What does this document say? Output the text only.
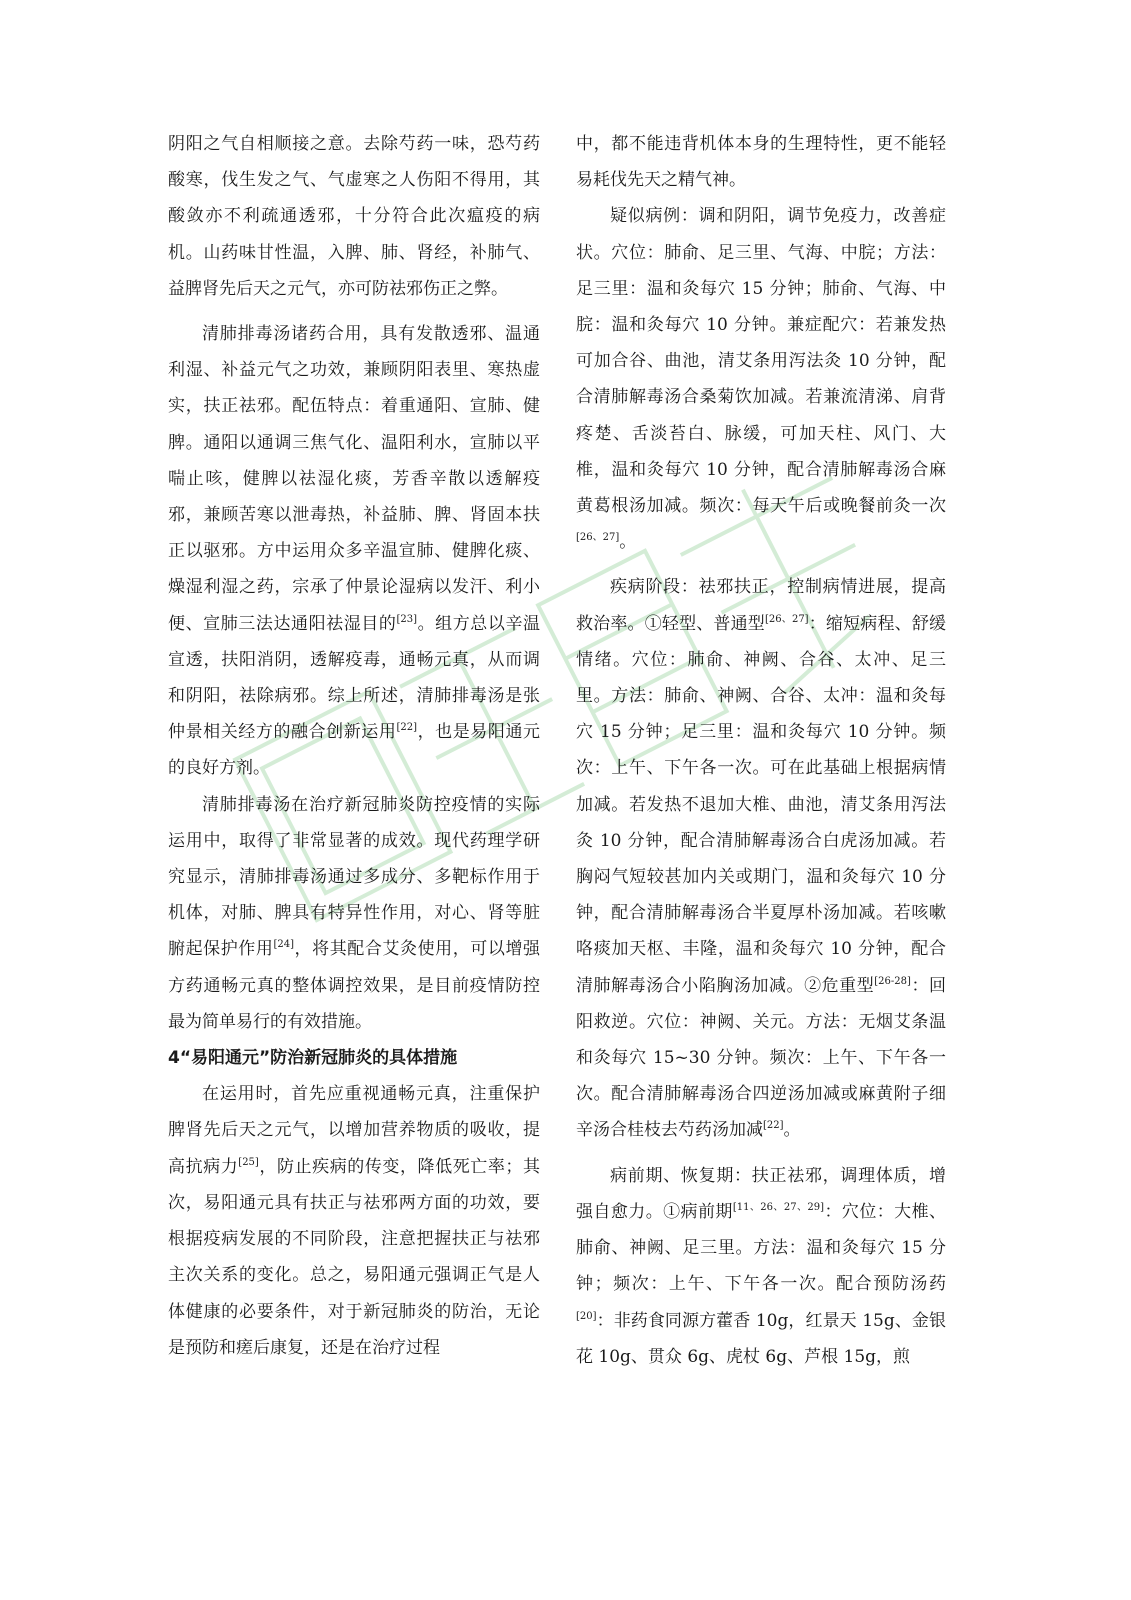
阴阳之气自相顺接之意。去除芍药一味，恐芍药酸寒，伐生发之气、气虚寒之人伤阳不得用，其酸敛亦不利疏通透邪，十分符合此次瘟疫的病机。山药味甘性温，入脾、肺、肾经，补肺气、益脾肾先后天之元气，亦可防祛邪伤正之弊。

清肺排毒汤诸药合用，具有发散透邪、温通利湿、补益元气之功效，兼顾阴阳表里、寒热虚实，扶正祛邪。配伍特点：着重通阳、宣肺、健脾。通阳以通调三焦气化、温阳利水，宣肺以平喘止咳，健脾以祛湿化痰，芳香辛散以透解疫邪，兼顾苦寒以泄毒热，补益肺、脾、肾固本扶正以驱邪。方中运用众多辛温宣肺、健脾化痰、燥湿利湿之药，宗承了仲景论湿病以发汗、利小便、宣肺三法达通阳祛湿目的[23]。组方总以辛温宣透，扶阳消阴，透解疫毒，通畅元真，从而调和阴阳，祛除病邪。综上所述，清肺排毒汤是张仲景相关经方的融合创新运用[22]，也是易阳通元的良好方剂。

清肺排毒汤在治疗新冠肺炎防控疫情的实际运用中，取得了非常显著的成效。现代药理学研究显示，清肺排毒汤通过多成分、多靶标作用于机体，对肺、脾具有特异性作用，对心、肾等脏腑起保护作用[24]，将其配合艾灸使用，可以增强方药通畅元真的整体调控效果，是目前疫情防控最为简单易行的有效措施。

4“易阳通元”防治新冠肺炎的具体措施

在运用时，首先应重视通畅元真，注重保护脾肾先后天之元气，以增加营养物质的吸收，提高抗病力[25]，防止疾病的传变，降低死亡率；其次，易阳通元具有扶正与祛邪两方面的功效，要根据疫病发展的不同阶段，注意把握扶正与祛邪主次关系的变化。总之，易阳通元强调正气是人体健康的必要条件，对于新冠肺炎的防治，无论是预防和瘥后康复，还是在治疗过程

中，都不能违背机体本身的生理特性，更不能轻易耗伐先天之精气神。

疑似病例：调和阴阳，调节免疫力，改善症状。穴位：肺俞、足三里、气海、中脘；方法：足三里：温和灸每穴 15 分钟；肺俞、气海、中脘：温和灸每穴 10 分钟。兼症配穴：若兼发热可加合谷、曲池，清艾条用泻法灸 10 分钟，配合清肺解毒汤合桑菊饮加减。若兼流清涕、肩背疼楚、舌淡苔白、脉缓，可加天柱、风门、大椎，温和灸每穴 10 分钟，配合清肺解毒汤合麻黄葛根汤加减。频次：每天午后或晚餐前灸一次[26、27]。

疾病阶段：祛邪扶正，控制病情进展，提高救治率。①轻型、普通型[26、27]：缩短病程、舒缓情绪。穴位：肺俞、神阙、合谷、太冲、足三里。方法：肺俞、神阙、合谷、太冲：温和灸每穴 15 分钟；足三里：温和灸每穴 10 分钟。频次：上午、下午各一次。可在此基础上根据病情加减。若发热不退加大椎、曲池，清艾条用泻法灸 10 分钟，配合清肺解毒汤合白虎汤加减。若胸闷气短较甚加内关或期门，温和灸每穴 10 分钟，配合清肺解毒汤合半夏厚朴汤加减。若咳嗽咯痰加天枢、丰隆，温和灸每穴 10 分钟，配合清肺解毒汤合小陷胸汤加减。②危重型[26-28]：回阳救逆。穴位：神阙、关元。方法：无烟艾条温和灸每穴 15~30 分钟。频次：上午、下午各一次。配合清肺解毒汤合四逆汤加减或麻黄附子细辛汤合桂枝去芍药汤加减[22]。

病前期、恢复期：扶正祛邪，调理体质，增强自愈力。①病前期[11、26、27、29]：穴位：大椎、肺俞、神阙、足三里。方法：温和灸每穴 15 分钟；频次：上午、下午各一次。配合预防汤药[20]：非药食同源方藿香 10g，红景天 15g、金银花 10g、贯众 6g、虎杖 6g、芦根 15g，煎
